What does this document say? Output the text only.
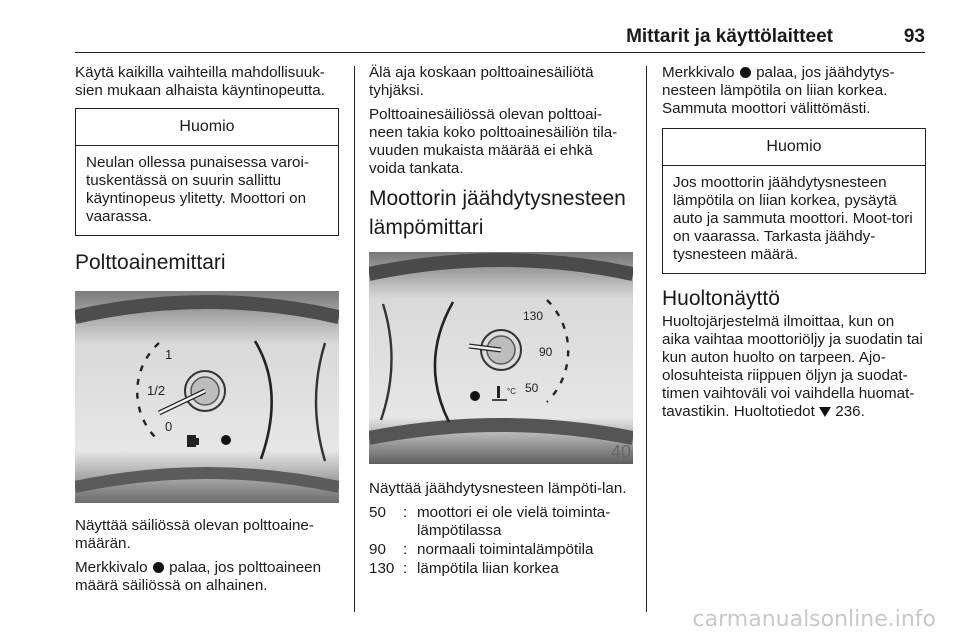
Mittarit ja käyttölaitteet	93

Käytä kaikilla vaihteilla mahdollisuuk-sien mukaan alhaista käyntinopeutta.

Huomio
Neulan ollessa punaisessa varoi-tuskentässä on suurin sallittu käyntinopeus ylitetty. Moottori on vaarassa.
Polttoainemittari
1
1/2
0

Näyttää säiliössä olevan polttoaine-määrän.

Merkkivalo palaa, jos polttoaineen määrä säiliössä on alhainen.

Älä aja koskaan polttoainesäiliötä tyhjäksi.

Polttoainesäiliössä olevan polttoai-neen takia koko polttoainesäiliön tila-vuuden mukaista määrää ei ehkä voida tankata.

Moottorin jäähdytysnesteen lämpömittari
130
90
50
°C
40

Näyttää jäähdytysnesteen lämpöti-lan.

50	: moottori ei ole vielä toiminta-lämpötilassa
90	: normaali toimintalämpötila
130 : lämpötila liian korkea

Merkkivalo palaa, jos jäähdytys-nesteen lämpötila on liian korkea. Sammuta moottori välittömästi.

Huomio
Jos moottorin jäähdytysnesteen lämpötila on liian korkea, pysäytä auto ja sammuta moottori. Moot-tori on vaarassa. Tarkasta jäähdy-tysnesteen määrä.
Huoltonäyttö

Huoltojärjestelmä ilmoittaa, kun on aika vaihtaa moottoriöljy ja suodatin tai kun auton huolto on tarpeen. Ajo-olosuhteista riippuen öljyn ja suodat-timen vaihtoväli voi vaihdella huomat-tavastikin. Huoltotiedot 236.

carmanualsonline.info
